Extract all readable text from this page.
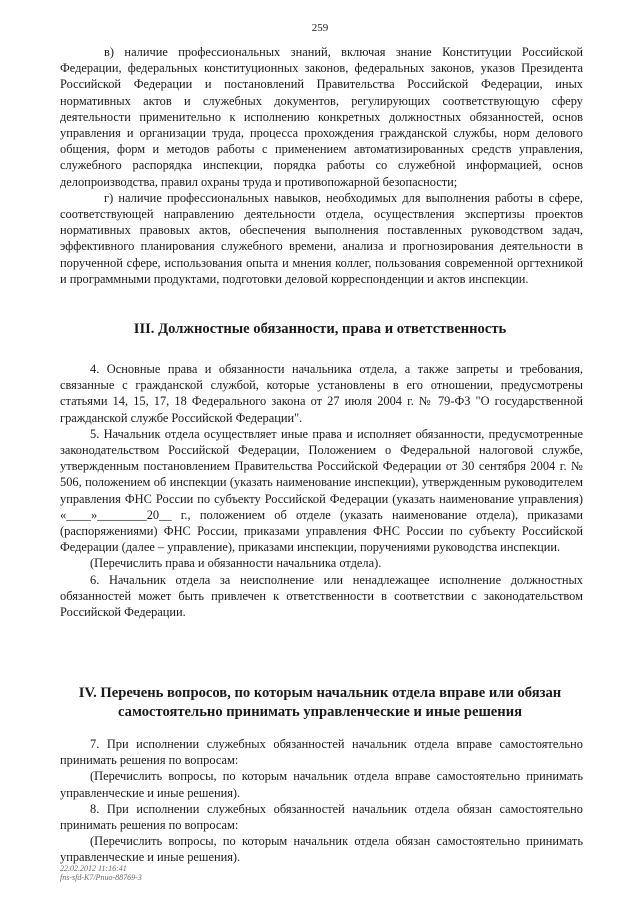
259

в) наличие профессиональных знаний, включая знание Конституции Российской Федерации, федеральных конституционных законов, федеральных законов, указов Президента Российской Федерации и постановлений Правительства Российской Федерации, иных нормативных актов и служебных документов, регулирующих соответствующую сферу деятельности применительно к исполнению конкретных должностных обязанностей, основ управления и организации труда, процесса прохождения гражданской службы, норм делового общения, форм и методов работы с применением автоматизированных средств управления, служебного распорядка инспекции, порядка работы со служебной информацией, основ делопроизводства, правил охраны труда и противопожарной безопасности;

г) наличие профессиональных навыков, необходимых для выполнения работы в сфере, соответствующей направлению деятельности отдела, осуществления экспертизы проектов нормативных правовых актов, обеспечения выполнения поставленных руководством задач, эффективного планирования служебного времени, анализа и прогнозирования деятельности в порученной сфере, использования опыта и мнения коллег, пользования современной оргтехникой и программными продуктами, подготовки деловой корреспонденции и актов инспекции.

III. Должностные обязанности, права и ответственность

4. Основные права и обязанности начальника отдела, а также запреты и требования, связанные с гражданской службой, которые установлены в его отношении, предусмотрены статьями 14, 15, 17, 18 Федерального закона от 27 июля 2004 г. № 79-ФЗ "О государственной гражданской службе Российской Федерации".

5. Начальник отдела осуществляет иные права и исполняет обязанности, предусмотренные законодательством Российской Федерации, Положением о Федеральной налоговой службе, утвержденным постановлением Правительства Российской Федерации от 30 сентября 2004 г. № 506, положением об инспекции (указать наименование инспекции), утвержденным руководителем управления ФНС России по субъекту Российской Федерации (указать наименование управления) «____»________20__ г., положением об отделе (указать наименование отдела), приказами (распоряжениями) ФНС России, приказами управления ФНС России по субъекту Российской Федерации (далее – управление), приказами инспекции, поручениями руководства инспекции.

(Перечислить права и обязанности начальника отдела).

6. Начальник отдела за неисполнение или ненадлежащее исполнение должностных обязанностей может быть привлечен к ответственности в соответствии с законодательством Российской Федерации.

IV. Перечень вопросов, по которым начальник отдела вправе или обязан
самостоятельно принимать управленческие и иные решения

7. При исполнении служебных обязанностей начальник отдела вправе самостоятельно принимать решения по вопросам:

(Перечислить вопросы, по которым начальник отдела вправе самостоятельно принимать управленческие и иные решения).

8. При исполнении служебных обязанностей начальник отдела обязан самостоятельно принимать решения по вопросам:

(Перечислить вопросы, по которым начальник отдела обязан самостоятельно принимать управленческие и иные решения).

22.02.2012 11:16:41
fns-sfd-K7/Pnuo-88769-3
